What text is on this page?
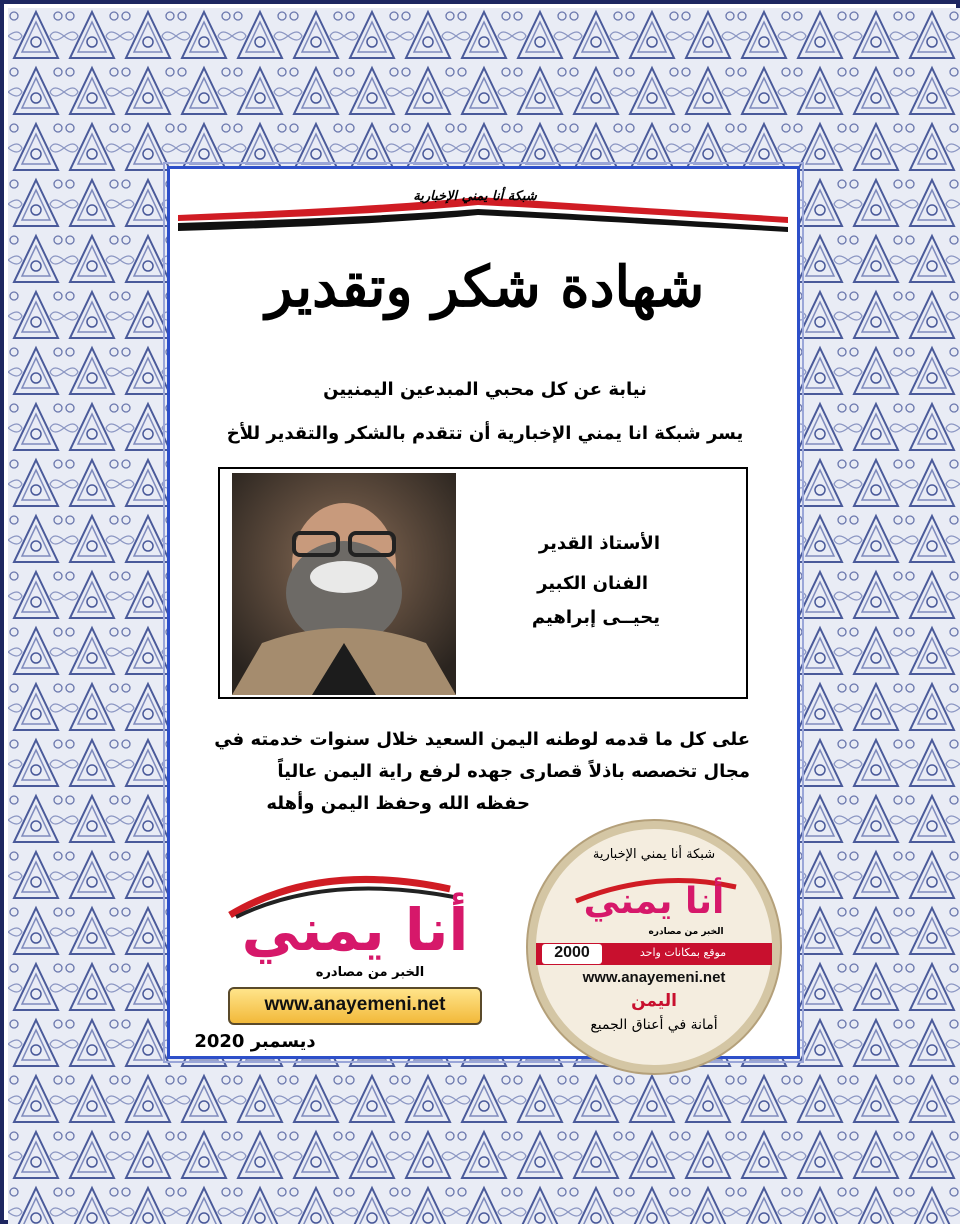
شبكة أنا يمني الإخبارية
شهادة شكر وتقدير
نيابة عن كل محبي المبدعين اليمنيين
يسر شبكة انا يمني الإخبارية أن تتقدم بالشكر والتقدير للأخ
الأستاذ القدير
الفنان الكبير
يحيــى إبراهيم
على كل ما قدمه لوطنه اليمن السعيد خلال سنوات خدمته في
مجال تخصصه باذلاً قصارى جهده لرفع راية اليمن عالياً
حفظه الله وحفظ اليمن وأهله
أنا يمني
الخبر من مصادره
www.anayemeni.net
ديسمبر 2020
شبكة أنا يمني الإخبارية
أنا يمني
الخبر من مصادره
2000	موقع بمكانات واحد
www.anayemeni.net
اليمن
أمانة في أعناق الجميع
